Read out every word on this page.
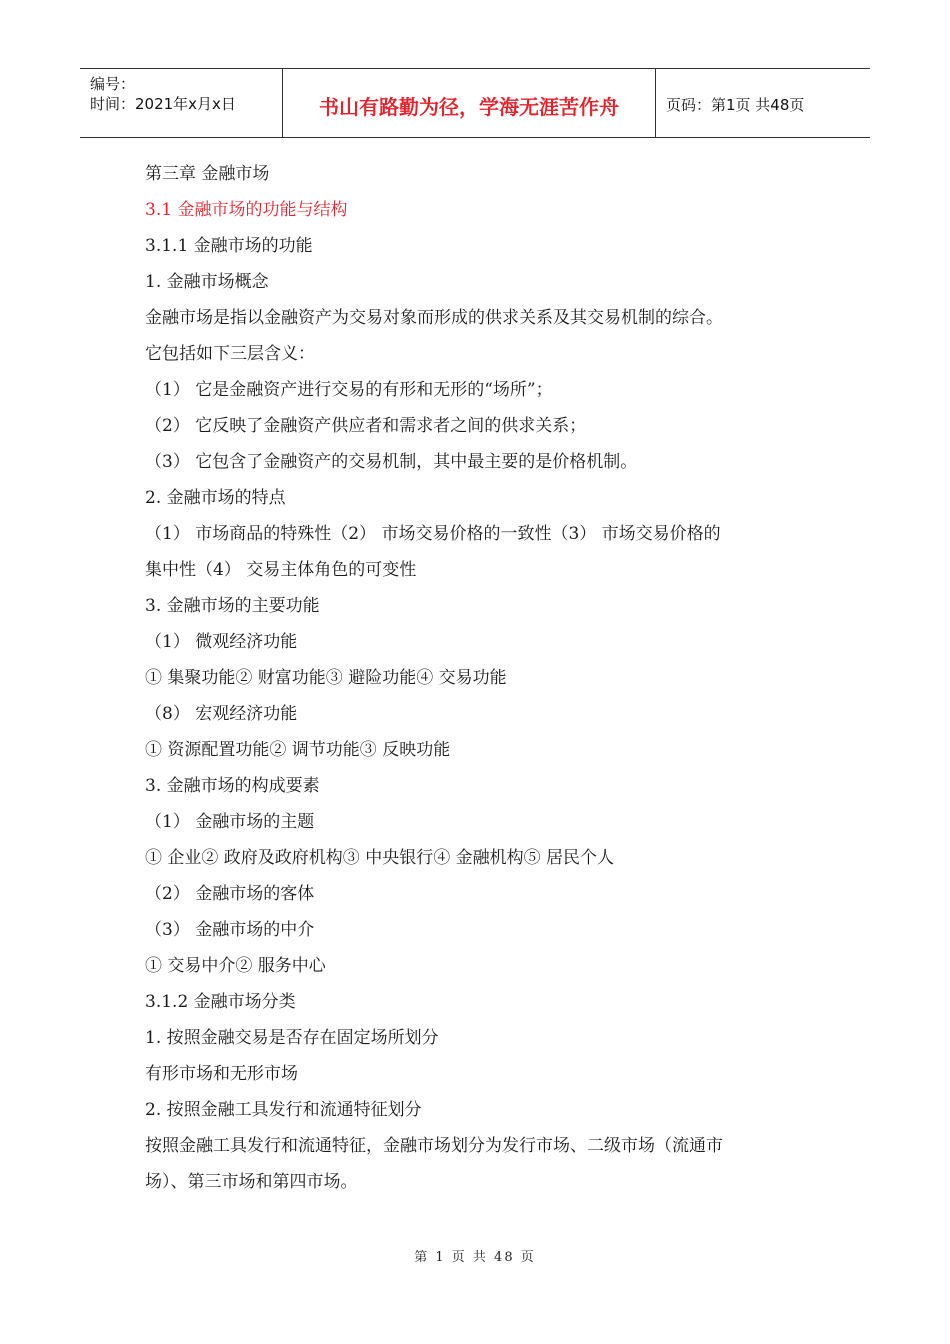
编号：
时间：2021年x月x日	书山有路勤为径，学海无涯苦作舟	页码：第1页 共48页
第三章 金融市场
3.1 金融市场的功能与结构
3.1.1 金融市场的功能
1. 金融市场概念
金融市场是指以金融资产为交易对象而形成的供求关系及其交易机制的综合。
它包括如下三层含义：
（1） 它是金融资产进行交易的有形和无形的“场所”；
（2） 它反映了金融资产供应者和需求者之间的供求关系；
（3） 它包含了金融资产的交易机制，其中最主要的是价格机制。
2. 金融市场的特点
（1） 市场商品的特殊性（2） 市场交易价格的一致性（3） 市场交易价格的
集中性（4） 交易主体角色的可变性
3. 金融市场的主要功能
（1） 微观经济功能
① 集聚功能② 财富功能③ 避险功能④ 交易功能
（8） 宏观经济功能
① 资源配置功能② 调节功能③ 反映功能
3. 金融市场的构成要素
（1） 金融市场的主题
① 企业② 政府及政府机构③ 中央银行④ 金融机构⑤ 居民个人
（2） 金融市场的客体
（3） 金融市场的中介
① 交易中介② 服务中心
3.1.2 金融市场分类
1. 按照金融交易是否存在固定场所划分
有形市场和无形市场
2. 按照金融工具发行和流通特征划分
按照金融工具发行和流通特征，金融市场划分为发行市场、二级市场（流通市
场）、第三市场和第四市场。
第 1 页 共 48 页
